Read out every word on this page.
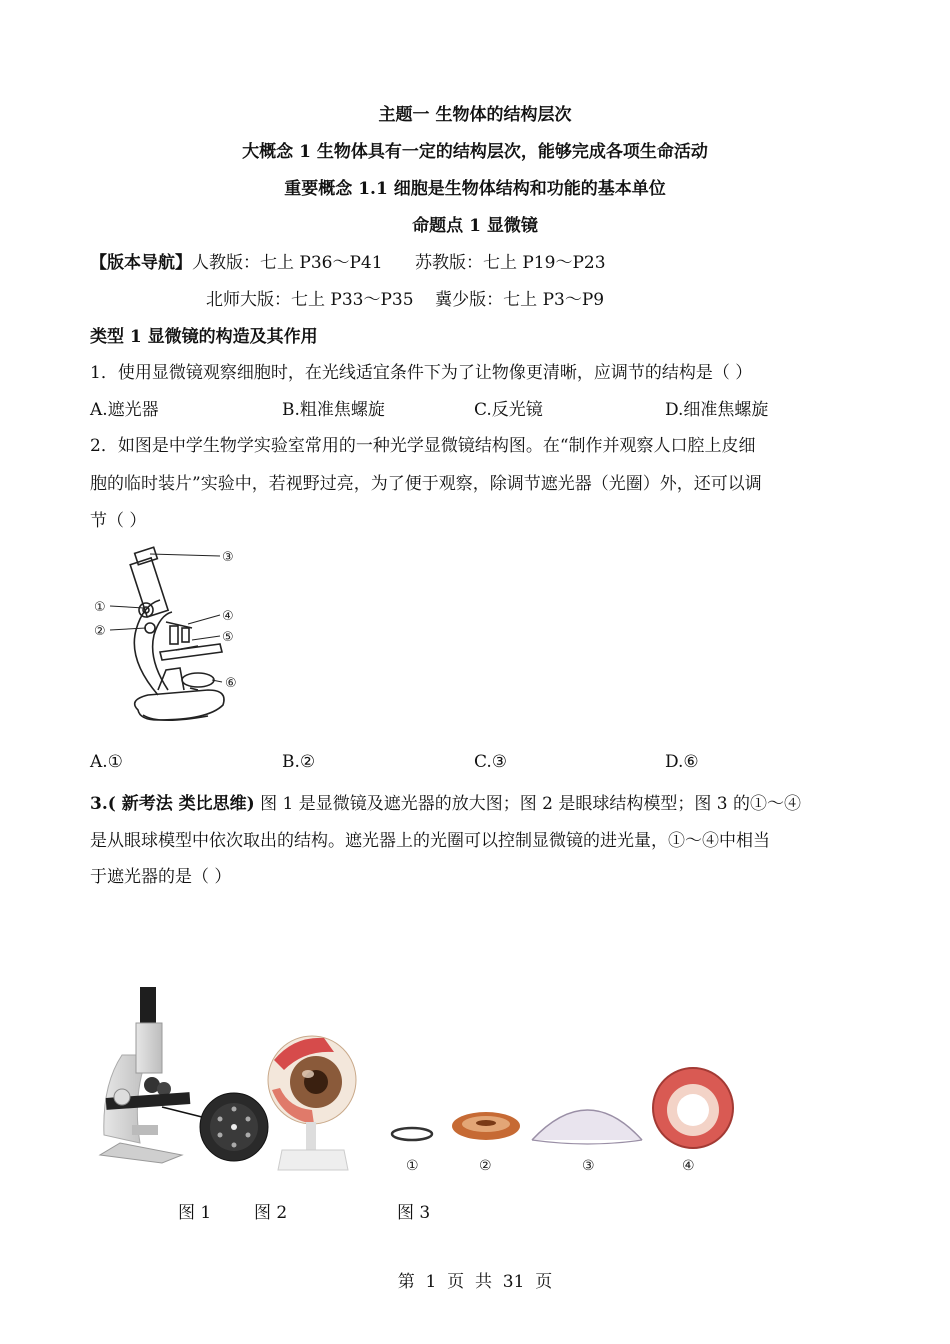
主题一 生物体的结构层次
大概念 1 生物体具有一定的结构层次，能够完成各项生命活动
重要概念 1.1 细胞是生物体结构和功能的基本单位
命题点 1 显微镜
【版本导航】人教版：七上 P36～P41      苏教版：七上 P19～P23
北师大版：七上 P33～P35    冀少版：七上 P3～P9
类型 1 显微镜的构造及其作用
1．使用显微镜观察细胞时，在光线适宜条件下为了让物像更清晰，应调节的结构是（ ）
A.遮光器	B.粗准焦螺旋	C.反光镜	D.细准焦螺旋
2．如图是中学生物学实验室常用的一种光学显微镜结构图。在“制作并观察人口腔上皮细
胞的临时装片”实验中，若视野过亮，为了便于观察，除调节遮光器（光圈）外，还可以调
节（ ）
③
①
②
④
⑤
⑥
A.①	B.②	C.③	D.⑥
3.( 新考法 类比思维) 图 1 是显微镜及遮光器的放大图；图 2 是眼球结构模型；图 3 的①～④
是从眼球模型中依次取出的结构。遮光器上的光圈可以控制显微镜的进光量，①～④中相当
于遮光器的是（ ）
①	②	③	④
图 1	图 2	图 3
第  1  页  共  31  页
